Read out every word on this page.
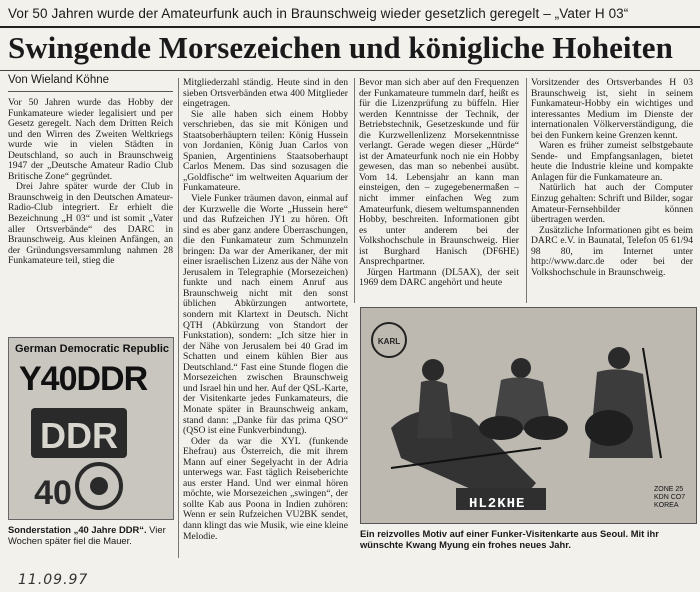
Vor 50 Jahren wurde der Amateurfunk auch in Braunschweig wieder gesetzlich geregelt – „Vater H 03“
Swingende Morsezeichen und königliche Hoheiten
Von Wieland Köhne

Vor 50 Jahren wurde das Hobby der Funkamateure wieder legalisiert und per Gesetz geregelt. Nach dem Dritten Reich und den Wirren des Zweiten Weltkriegs wurde wie in vielen Städten in Deutschland, so auch in Braunschweig 1947 der „Deutsche Amateur Radio Club Britische Zone“ gegründet.

Drei Jahre später wurde der Club in Braunschweig in den Deutschen Amateur-Radio-Club integriert. Er erhielt die Bezeichnung „H 03“ und ist somit „Vater aller Ortsverbände“ des DARC in Braunschweig. Aus kleinen Anfängen, an der Gründungsversammlung nahmen 28 Funkamateure teil, stieg die

German Democratic Republic
Y40DDR
DDR
40
Sonderstation „40 Jahre DDR“. Vier Wochen später fiel die Mauer.

Mitgliederzahl ständig. Heute sind in den sieben Ortsverbänden etwa 400 Mitglieder eingetragen.

Sie alle haben sich einem Hobby verschrieben, das sie mit Königen und Staatsoberhäuptern teilen: König Hussein von Jordanien, König Juan Carlos von Spanien, Argentiniens Staatsoberhaupt Carlos Menem. Das sind sozusagen die „Goldfische“ im weltweiten Aquarium der Funkamateure.

Viele Funker träumen davon, einmal auf der Kurzwelle die Worte „Hussein here“ und das Rufzeichen JY1 zu hören. Oft sind es aber ganz andere Überraschungen, die den Funkamateur zum Schmunzeln bringen: Da war der Amerikaner, der mit einer israelischen Lizenz aus der Nähe von Jerusalem in Telegraphie (Morsezeichen) funkte und nach einem Anruf aus Braunschweig nicht mit den sonst üblichen Abkürzungen antwortete, sondern mit Klartext in Deutsch. Nicht QTH (Abkürzung von Standort der Funkstation), sondern: „Ich sitze hier in der Nähe von Jerusalem bei 40 Grad im Schatten und einem kühlen Bier aus Deutschland.“ Fast eine Stunde flogen die Morsezeichen zwischen Braunschweig und Israel hin und her. Auf der QSL-Karte, der Visitenkarte jedes Funkamateurs, die Monate später in Braunschweig ankam, stand dann: „Danke für das prima QSO“ (QSO ist eine Funkverbindung).

Oder da war die XYL (funkende Ehefrau) aus Österreich, die mit ihrem Mann auf einer Segelyacht in der Adria unterwegs war. Fast täglich Reiseberichte aus erster Hand. Und wer einmal hören möchte, wie Morsezeichen „swingen“, der sollte Kab aus Poona in Indien zuhören: Wenn er sein Rufzeichen VU2BK sendet, dann klingt das wie Musik, wie eine kleine Melodie.

Bevor man sich aber auf den Frequenzen der Funkamateure tummeln darf, heißt es für die Lizenzprüfung zu büffeln. Hier werden Kenntnisse der Technik, der Betriebstechnik, Gesetzeskunde und für die Kurzwellenlizenz Morsekenntnisse verlangt. Gerade wegen dieser „Hürde“ ist der Amateurfunk noch nie ein Hobby gewesen, das man so nebenbei ausübt. Vom 14. Lebensjahr an kann man einsteigen, den – zugegebenermaßen – nicht immer einfachen Weg zum Amateurfunk, diesem weltumspannenden Hobby, beschreiten. Informationen gibt es unter anderem bei der Volkshochschule in Braunschweig. Hier ist Burghard Hanisch (DF6HE) Ansprechpartner.

Jürgen Hartmann (DL5AX), der seit 1969 dem DARC angehört und heute

Vorsitzender des Ortsverbandes H 03 Braunschweig ist, sieht in seinem Funkamateur-Hobby ein wichtiges und interessantes Medium im Dienste der internationalen Völkerverständigung, die bei den Funkern keine Grenzen kennt.

Waren es früher zumeist selbstgebaute Sende- und Empfangsanlagen, bietet heute die Industrie kleine und kompakte Anlagen für die Funkamateure an.

Natürlich hat auch der Computer Einzug gehalten: Schrift und Bilder, sogar Amateur-Fernsehbilder können übertragen werden.

Zusätzliche Informationen gibt es beim DARC e.V. in Baunatal, Telefon 05 61/94 98 80, im Internet unter http://www.darc.de oder bei der Volkshochschule in Braunschweig.

KARL
HL2KHE
ZONE 25
KDN CO7
KOREA
Ein reizvolles Motiv auf einer Funker-Visitenkarte aus Seoul. Mit ihr wünschte Kwang Myung ein frohes neues Jahr.
11.09.97
